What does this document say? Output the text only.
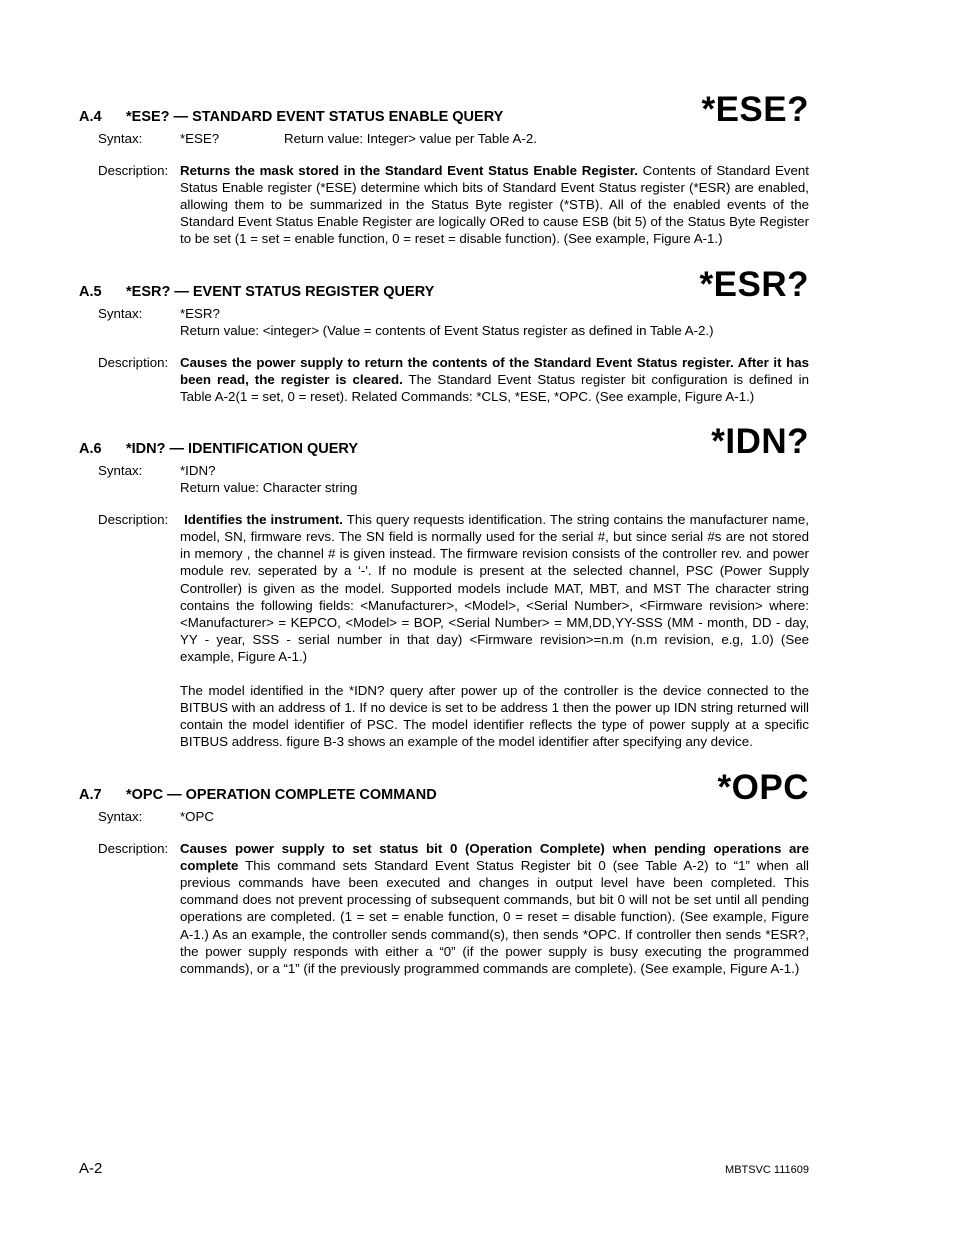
A.4 *ESE? — STANDARD EVENT STATUS ENABLE QUERY	*ESE?
Syntax:	*ESE?	Return value: Integer> value per Table A-2.
Description: Returns the mask stored in the Standard Event Status Enable Register. Contents of Standard Event Status Enable register (*ESE) determine which bits of Standard Event Status register (*ESR) are enabled, allowing them to be summarized in the Status Byte register (*STB). All of the enabled events of the Standard Event Status Enable Register are logically ORed to cause ESB (bit 5) of the Status Byte Register to be set (1 = set = enable function, 0 = reset = disable function). (See example, Figure A-1.)
A.5 *ESR? — EVENT STATUS REGISTER QUERY	*ESR?
Syntax:	*ESR?
Return value: <integer> (Value = contents of Event Status register as defined in Table A-2.)
Description: Causes the power supply to return the contents of the Standard Event Status register. After it has been read, the register is cleared. The Standard Event Status register bit configuration is defined in Table A-2(1 = set, 0 = reset). Related Commands: *CLS, *ESE, *OPC. (See example, Figure A-1.)
A.6 *IDN? — IDENTIFICATION QUERY	*IDN?
Syntax:	*IDN?
Return value: Character string
Description:	Identifies the instrument. This query requests identification. The string contains the manufacturer name, model, SN, firmware revs. The SN field is normally used for the serial #, but since serial #s are not stored in memory , the channel # is given instead. The firmware revision consists of the controller rev. and power module rev. seperated by a ‘-'. If no module is present at the selected channel, PSC (Power Supply Controller) is given as the model. Supported models include MAT, MBT, and MST The character string contains the following fields: <Manufacturer>, <Model>, <Serial Number>, <Firmware revision> where: <Manufacturer> = KEPCO, <Model> = BOP, <Serial Number> = MM,DD,YY-SSS (MM - month, DD - day, YY - year, SSS - serial number in that day) <Firmware revision>=n.m (n.m revision, e.g, 1.0) (See example, Figure A-1.)
The model identified in the *IDN? query after power up of the controller is the device connected to the BITBUS with an address of 1. If no device is set to be address 1 then the power up IDN string returned will contain the model identifier of PSC. The model identifier reflects the type of power supply at a specific BITBUS address. figure B-3 shows an example of the model identifier after specifying any device.
A.7 *OPC — OPERATION COMPLETE COMMAND	*OPC
Syntax:	*OPC
Description: Causes power supply to set status bit 0 (Operation Complete) when pending operations are complete This command sets Standard Event Status Register bit 0 (see Table A-2) to “1” when all previous commands have been executed and changes in output level have been completed. This command does not prevent processing of subsequent commands, but bit 0 will not be set until all pending operations are completed. (1 = set = enable function, 0 = reset = disable function). (See example, Figure A-1.) As an example, the controller sends command(s), then sends *OPC. If controller then sends *ESR?, the power supply responds with either a “0” (if the power supply is busy executing the programmed commands), or a “1” (if the previously programmed commands are complete). (See example, Figure A-1.)
A-2	MBTSVC 111609
